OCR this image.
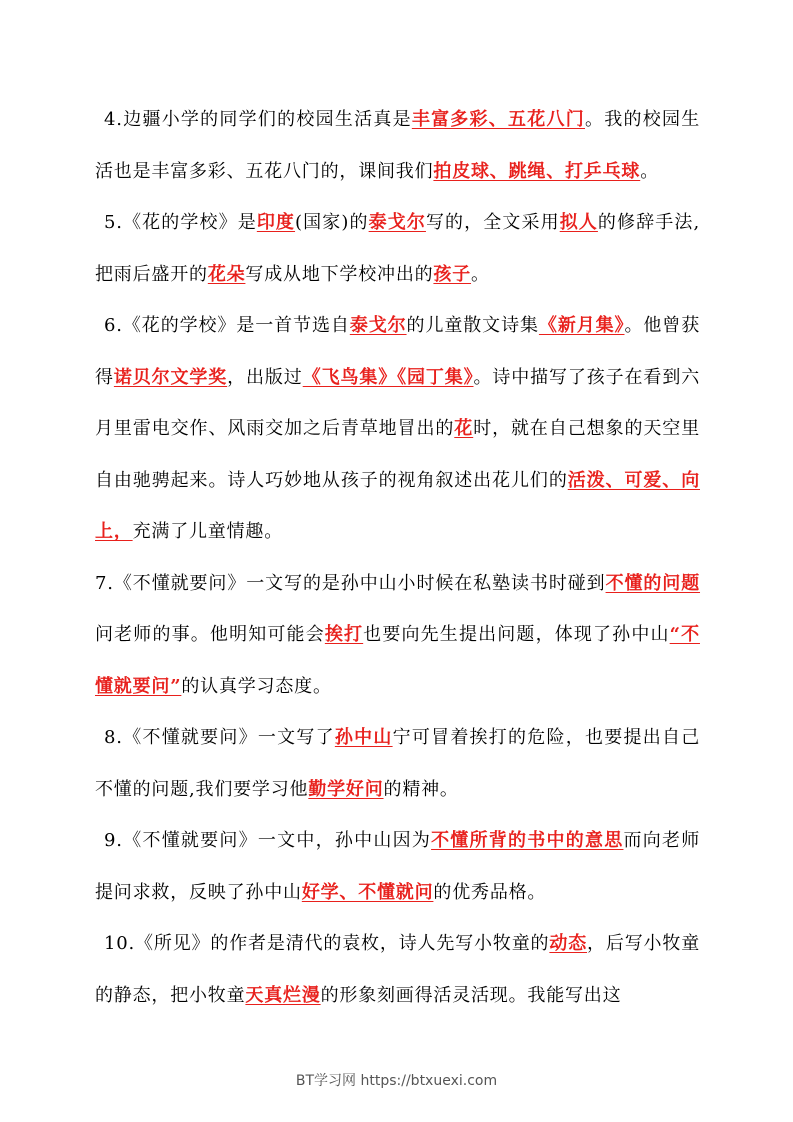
4.边疆小学的同学们的校园生活真是丰富多彩、五花八门。我的校园生活也是丰富多彩、五花八门的，课间我们拍皮球、跳绳、打乒乓球。

5.《花的学校》是印度(国家)的泰戈尔写的，全文采用拟人的修辞手法,把雨后盛开的花朵写成从地下学校冲出的孩子。

6.《花的学校》是一首节选自泰戈尔的儿童散文诗集《新月集》。他曾获得诺贝尔文学奖，出版过《飞鸟集》《园丁集》。诗中描写了孩子在看到六月里雷电交作、风雨交加之后青草地冒出的花时，就在自己想象的天空里自由驰骋起来。诗人巧妙地从孩子的视角叙述出花儿们的活泼、可爱、向上，充满了儿童情趣。

7.《不懂就要问》一文写的是孙中山小时候在私塾读书时碰到不懂的问题问老师的事。他明知可能会挨打也要向先生提出问题，体现了孙中山“不懂就要问”的认真学习态度。

8.《不懂就要问》一文写了孙中山宁可冒着挨打的危险，也要提出自己不懂的问题,我们要学习他勤学好问的精神。

9.《不懂就要问》一文中，孙中山因为不懂所背的书中的意思而向老师提问求救，反映了孙中山好学、不懂就问的优秀品格。

10.《所见》的作者是清代的袁枚，诗人先写小牧童的动态，后写小牧童的静态，把小牧童天真烂漫的形象刻画得活灵活现。我能写出这

BT学习网 https://btxuexi.com
